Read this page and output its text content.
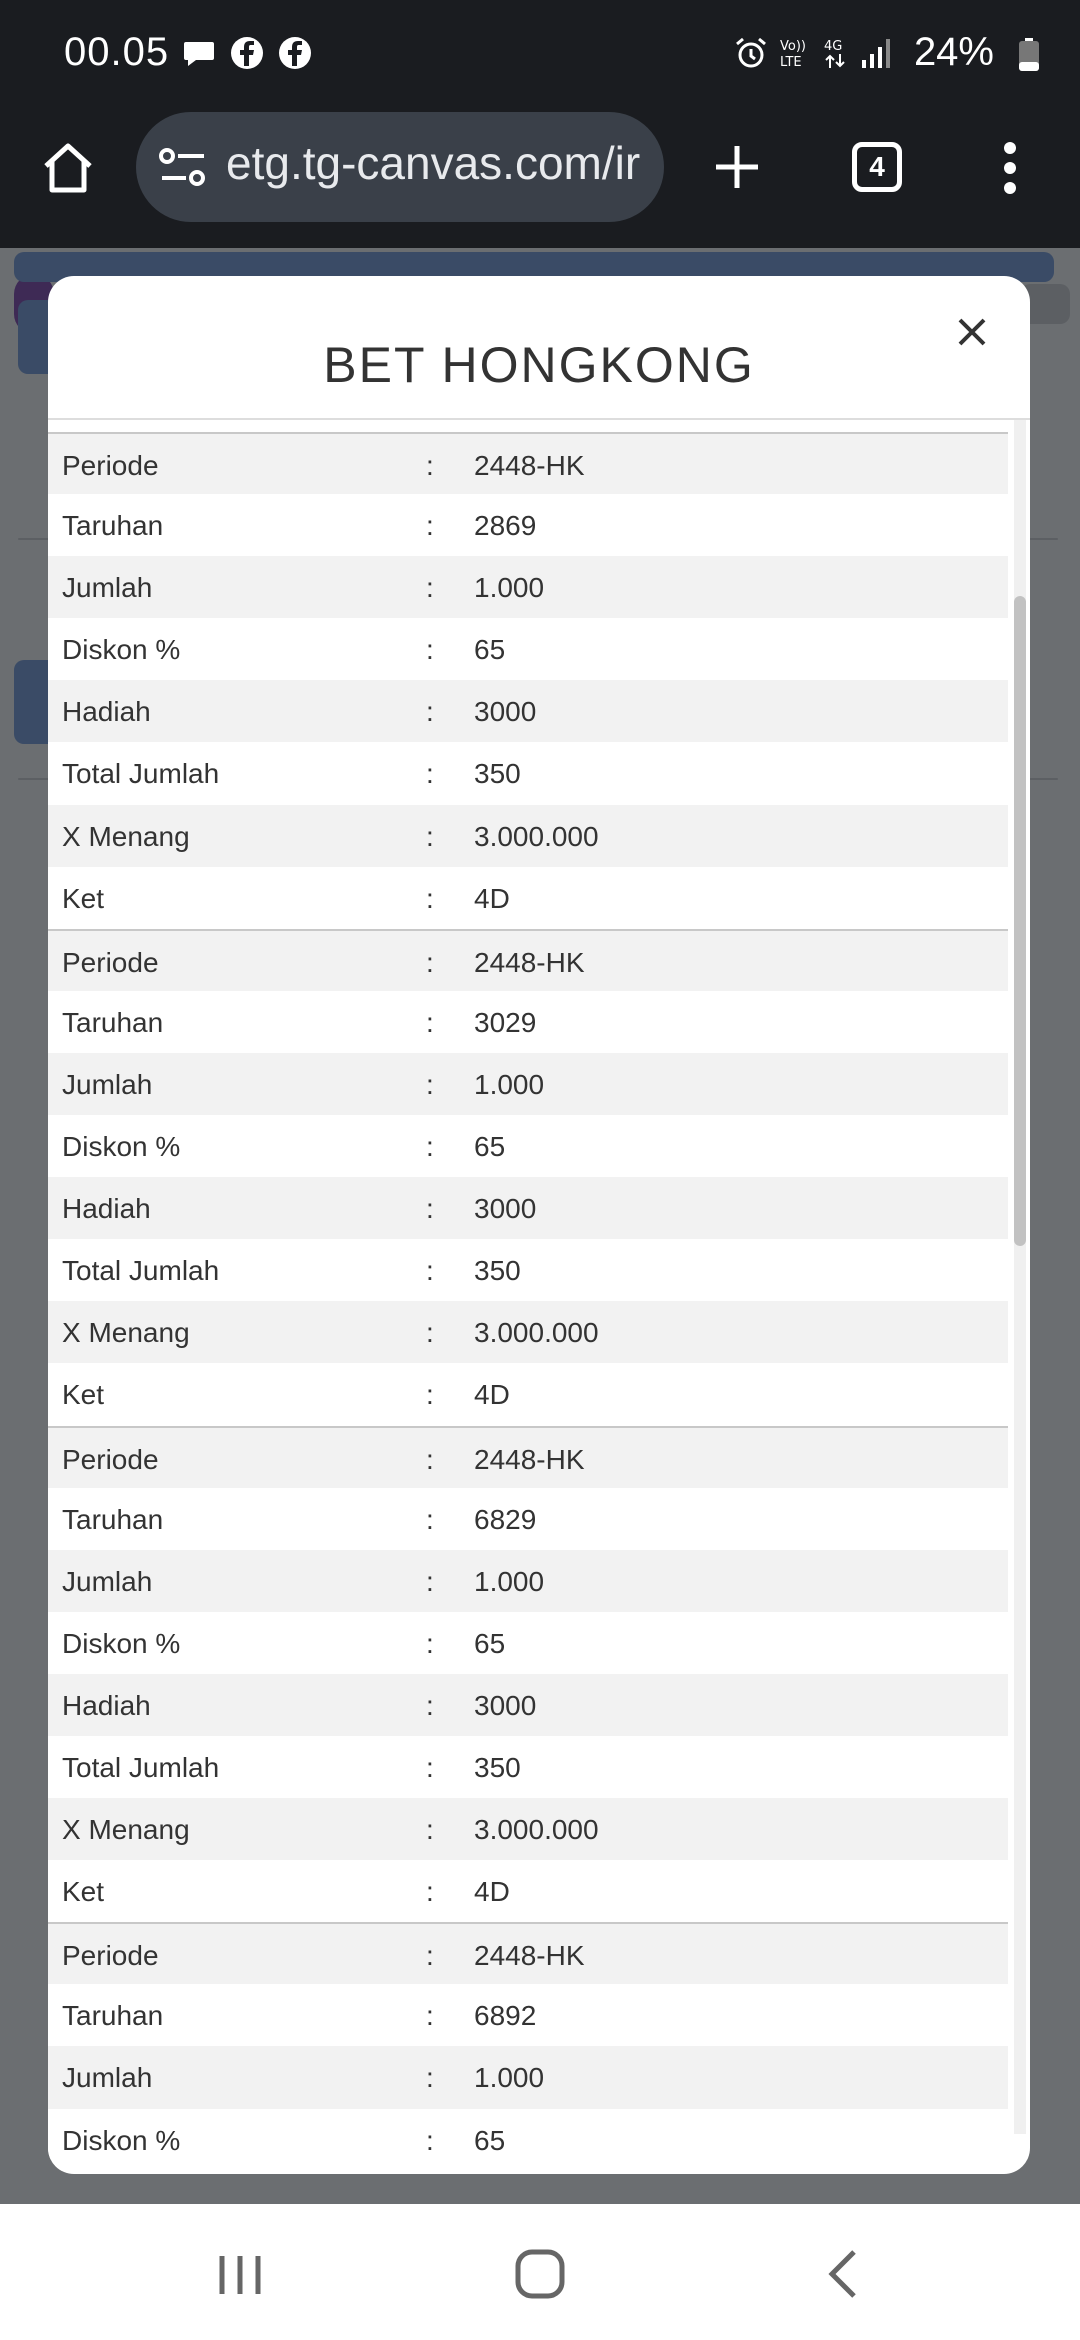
00.05	Vo))
LTE
4G 24%
etg.tg-canvas.com/ir	4
BET HONGKONG
Periode	: 2448-HK
Taruhan	: 2869
Jumlah	: 1.000
Diskon %	: 65
Hadiah	: 3000
Total Jumlah	: 350
X Menang	: 3.000.000
Ket	: 4D
Periode	: 2448-HK
Taruhan	: 3029
Jumlah	: 1.000
Diskon %	: 65
Hadiah	: 3000
Total Jumlah	: 350
X Menang	: 3.000.000
Ket	: 4D
Periode	: 2448-HK
Taruhan	: 6829
Jumlah	: 1.000
Diskon %	: 65
Hadiah	: 3000
Total Jumlah	: 350
X Menang	: 3.000.000
Ket	: 4D
Periode	: 2448-HK
Taruhan	: 6892
Jumlah	: 1.000
Diskon %	: 65
